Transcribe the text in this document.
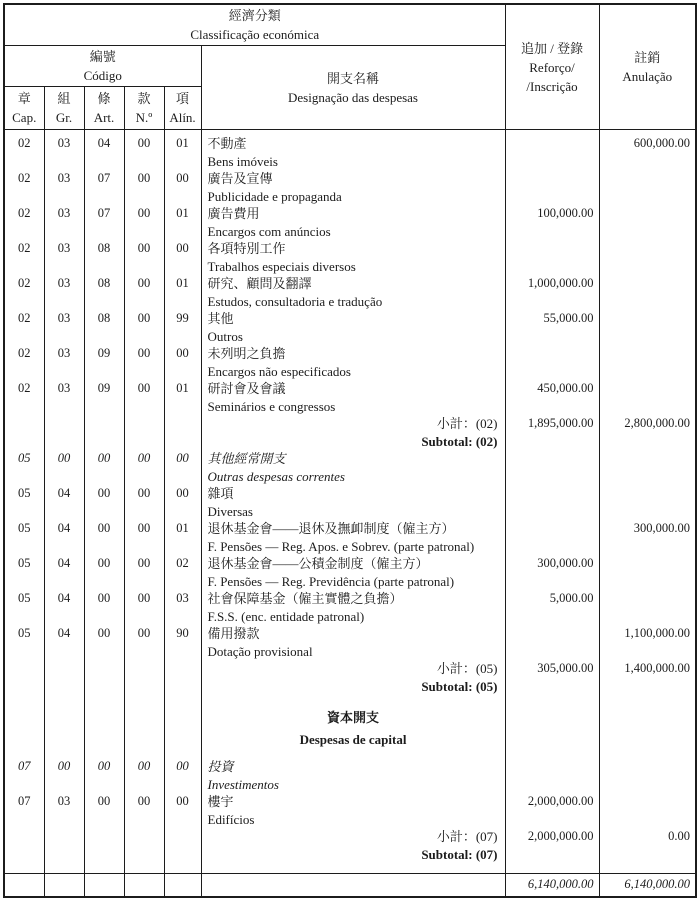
經濟分類
Classificação económica

追加 / 登錄
Reforço/
/Inscrição

註銷
Anulação

編號
Código	開支名稱
Designação das despesas

章
Cap.

組
Gr.

條
Art.

款
N.º

項
Alín.

02	03	04	00	01	不動產
Bens imóveis		600,000.00
02	03	07	00	00	廣告及宣傳
Publicidade e propaganda		

02	03	07	00	01	廣告費用
Encargos com anúncios	100,000.00	
02	03	08	00	00	各項特別工作
Trabalhos especiais diversos		

02	03	08	00	01	研究、顧問及翻譯
Estudos, consultadoria e tradução	1,000,000.00	
02	03	08	00	99	其他
Outros	55,000.00	
02	03	09	00	00	未列明之負擔
Encargos não especificados		

02	03	09	00	01	研討會及會議
Seminários e congressos	450,000.00	

					小計：(02)
Subtotal: (02)	1,895,000.00	2,800,000.00
05	00	00	00	00	其他經常開支
Outras despesas correntes		

05	04	00	00	00	雜項
Diversas		

05	04	00	00	01	退休基金會——退休及撫卹制度（僱主方）
F. Pensões — Reg. Apos. e Sobrev. (parte patronal)		300,000.00
05	04	00	00	02	退休基金會——公積金制度（僱主方）
F. Pensões — Reg. Previdência (parte patronal)	300,000.00	
05	04	00	00	03	社會保障基金（僱主實體之負擔）
F.S.S. (enc. entidade patronal)	5,000.00	
05	04	00	00	90	備用撥款
Dotação provisional		1,100,000.00

					小計：(05)
Subtotal: (05)	305,000.00	1,400,000.00

					資本開支
Despesas de capital		

07	00	00	00	00	投資
Investimentos		

07	03	00	00	00	樓宇
Edifícios	2,000,000.00	

					小計：(07)
Subtotal: (07)	2,000,000.00	0.00
						6,140,000.00	6,140,000.00
